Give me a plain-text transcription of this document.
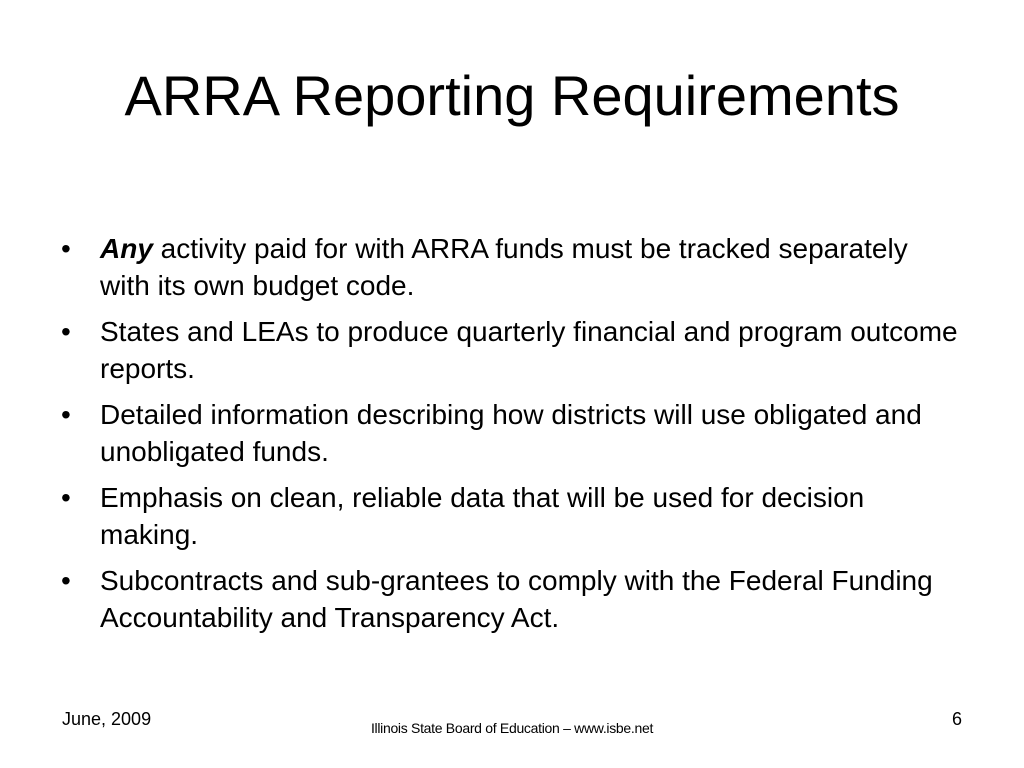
ARRA Reporting Requirements
•	Any activity paid for with ARRA funds must be tracked separately with its own budget code.
•	States and LEAs to produce quarterly financial and program outcome reports.
•	Detailed information describing how districts will use obligated and unobligated funds.
•	Emphasis on clean, reliable data that will be used for decision making.
•	Subcontracts and sub-grantees to comply with the Federal Funding Accountability and Transparency Act.
June, 2009	Illinois State Board of Education – www.isbe.net	6
